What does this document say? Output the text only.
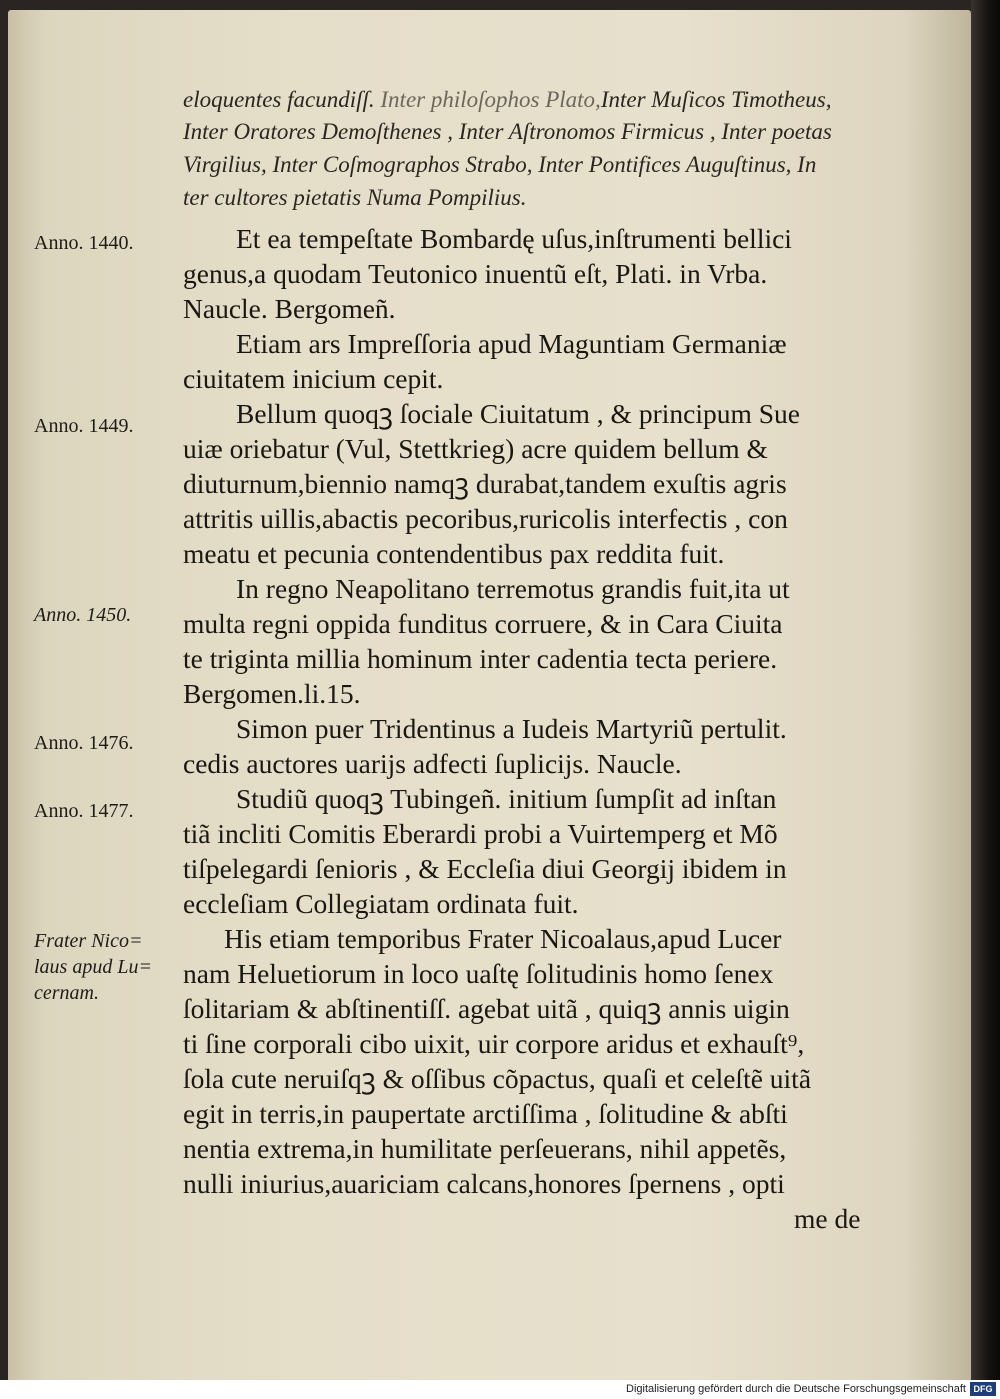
eloquentes facundiſſ. Inter philoſophos Plato,Inter Muſicos Timotheus,
Inter Oratores Demoſthenes , Inter Aſtronomos Firmicus , Inter poetas
Virgilius, Inter Coſmographos Strabo, Inter Pontifices Auguſtinus, In
ter cultores pietatis Numa Pompilius.
Et ea tempeſtate Bombardę uſus,inſtrumenti bellici
genus,a quodam Teutonico inuentũ eſt, Plati. in Vrba.
Naucle. Bergomeñ.
Etiam ars Impreſſoria apud Maguntiam Germaniæ
ciuitatem inicium cepit.
Bellum quoqꝫ ſociale Ciuitatum , & principum Sue
uiæ oriebatur (Vul, Stettkrieg) acre quidem bellum &
diuturnum,biennio namqꝫ durabat,tandem exuſtis agris
attritis uillis,abactis pecoribus,ruricolis interfectis , con
meatu et pecunia contendentibus pax reddita fuit.
In regno Neapolitano terremotus grandis fuit,ita ut
multa regni oppida funditus corruere, & in Cara Ciuita
te triginta millia hominum inter cadentia tecta periere.
Bergomen.li.15.
Simon puer Tridentinus a Iudeis Martyriũ pertulit.
cedis auctores uarijs adfecti ſuplicijs. Naucle.
Studiũ quoqꝫ Tubingeñ. initium ſumpſit ad inſtan
tiã incliti Comitis Eberardi probi a Vuirtemperg et Mõ
tiſpelegardi ſenioris , & Eccleſia diui Georgij ibidem in
eccleſiam Collegiatam ordinata fuit.
His etiam temporibus Frater Nicoalaus,apud Lucer
nam Heluetiorum in loco uaſtę ſolitudinis homo ſenex
ſolitariam & abſtinentiſſ. agebat uitã , quiqꝫ annis uigin
ti ſine corporali cibo uixit, uir corpore aridus et exhauſt⁹,
ſola cute neruiſqꝫ & oſſibus cõpactus, quaſi et celeſtẽ uitã
egit in terris,in paupertate arctiſſima , ſolitudine & abſti
nentia extrema,in humilitate perſeuerans, nihil appetẽs,
nulli iniurius,auariciam calcans,honores ſpernens , opti
me de
Anno. 1440.
Anno. 1449.
Anno. 1450.
Anno. 1476.
Anno. 1477.
Frater Nico=
laus apud Lu=
cernam.
Digitalisierung gefördert durch die Deutsche Forschungsgemeinschaft DFG
